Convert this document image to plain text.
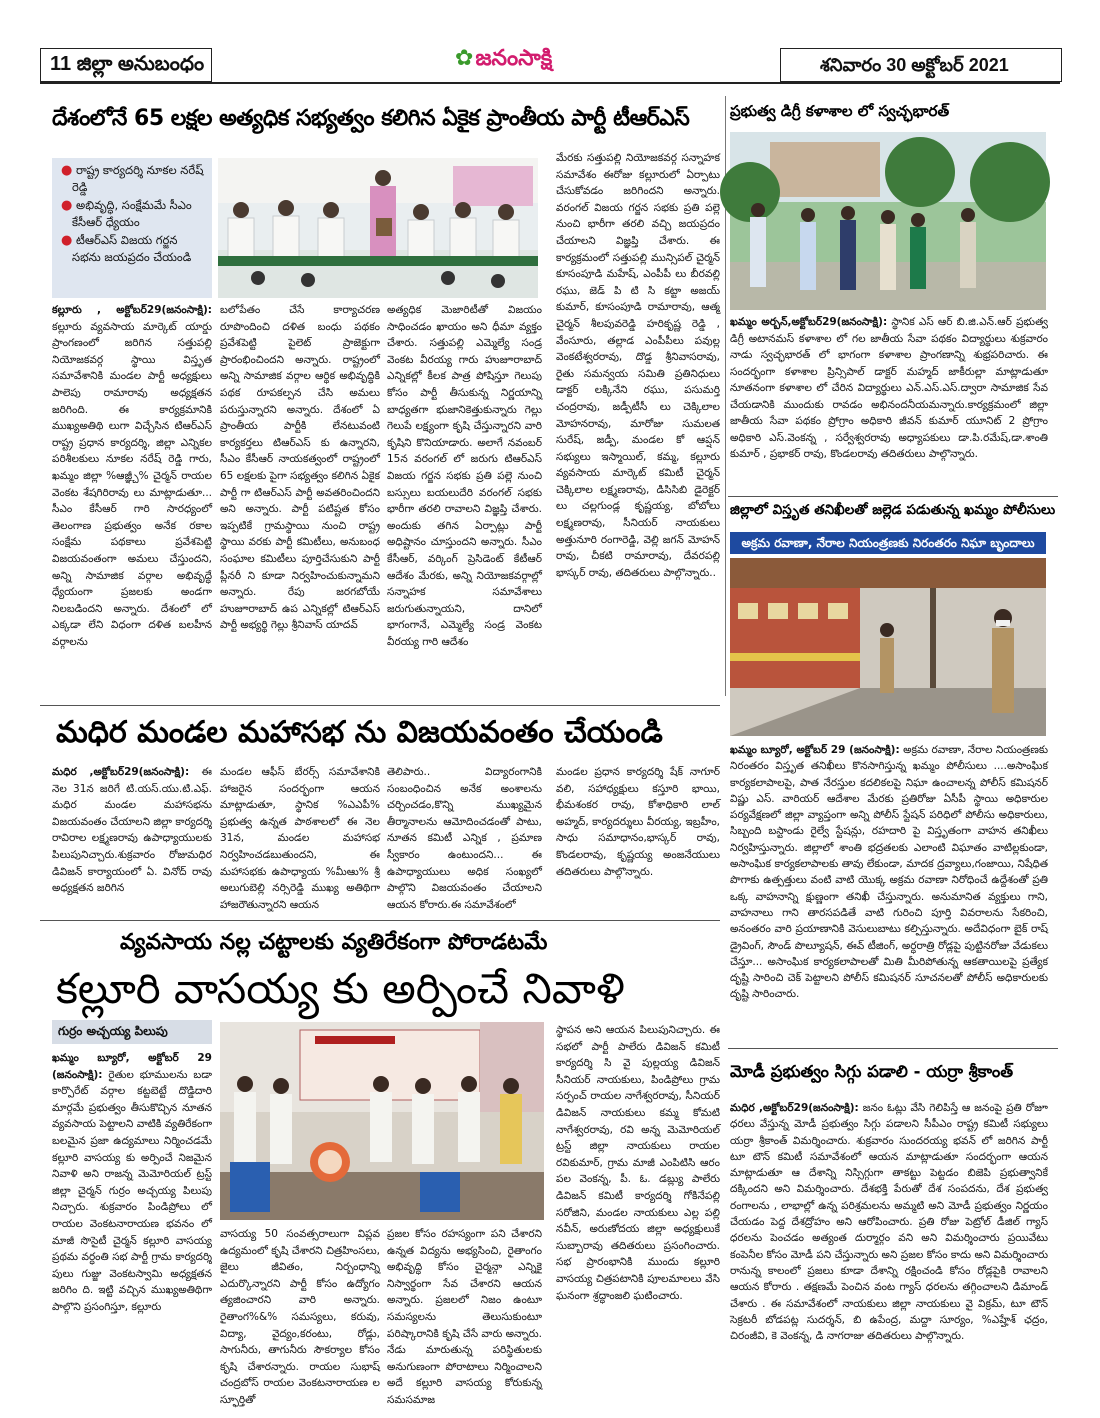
11 జిల్లా అనుబంధం	✿జనంసాక్షి	శనివారం 30 అక్టోబర్ 2021
దేశంలోనే 65 లక్షల అత్యధిక సభ్యత్వం కలిగిన ఏకైక ప్రాంతీయ పార్టీ టీఆర్ఎస్
● రాష్ట్ర కార్యదర్శి నూకల నరేష్ రెడ్డి
● అభివృద్ధి, సంక్షేమమే సీఎం కేసీఆర్ ధ్యేయం
● టీఆర్ఎస్ విజయ గర్జన సభను జయప్రదం చేయండి
కల్లూరు , అక్టోబర్29(జనంసాక్షి): కల్లూరు వ్యవసాయ మార్కెట్ యార్డు ప్రాంగణంలో జరిగిన సత్తుపల్లి నియోజకవర్గ స్థాయి విస్తృత సమావేశానికి మండల పార్టీ అధ్యక్షులు పాలెపు రామారావు అధ్యక్షతన జరిగింది. ఈ కార్యక్రమానికి ముఖ్యఅతిథి లుగా విచ్చేసిన టిఆర్ఎస్ రాష్ట్ర ప్రధాన కార్యదర్శి, జిల్లా ఎన్నికల పరిశీలకులు నూకల నరేష్ రెడ్డి గారు, ఖమ్మం జిల్లా %ఆజ్ఞ్చీ% చైర్మన్ రాయల వెంకట శేషగిరిరావు లు మాట్లాడుతూ... సీఎం కేసీఆర్ గారి సారధ్యంలో తెలంగాణ ప్రభుత్వం అనేక రకాల సంక్షేమ పథకాలు ప్రవేశపెట్టి విజయవంతంగా అమలు చేస్తుందని, అన్ని సామాజిక వర్గాల అభివృద్ధే ధ్యేయంగా ప్రజలకు అండగా నిలబడిందని అన్నారు. దేశంలో లో ఎక్కడా లేని విధంగా దళిత బలహీన వర్గాలను
బలోపేతం చేసే కార్యాచరణ రూపొందించి దళిత బంధు పథకం ప్రవేశపెట్టి పైలెట్ ప్రాజెక్టుగా ప్రారంభించిందని అన్నారు. రాష్ట్రంలో అన్ని సామాజిక వర్గాల ఆర్థిక అభివృద్ధికి పథక రూపకల్పన చేసి అమలు పరుస్తున్నారని అన్నారు. దేశంలో ఏ ప్రాంతీయ పార్టీకి లేనటువంటి కార్యకర్తలు టిఆర్ఎస్ కు ఉన్నారని, సీఎం కేసీఆర్ నాయకత్వంలో రాష్ట్రంలో 65 లక్షలకు పైగా సభ్యత్వం కలిగిన ఏకైక పార్టీ గా టిఆర్ఎస్ పార్టీ అవతరించిందని అని అన్నారు. పార్టీ పటిష్టత కోసం ఇప్పటికే గ్రామస్థాయి నుంచి రాష్ట్ర స్థాయి వరకు పార్టీ కమిటీలు, అనుబంధ సంఘాల కమిటీలు పూర్తిచేసుకుని పార్టీ ప్లీనరీ ని కూడా నిర్వహించుకున్నామని అన్నారు. రేపు జరగబోయే హుజూరాబాద్ ఉప ఎన్నికల్లో టిఆర్ఎస్ పార్టీ అభ్యర్థి గెల్లు శ్రీనివాస్ యాదవ్
అత్యధిక మెజారిటీతో విజయం సాధించడం ఖాయం అని ధీమా వ్యక్తం చేశారు. సత్తుపల్లి ఎమ్మెల్యే సండ్ర వెంకట వీరయ్య గారు హుజూరాబాద్ ఎన్నికల్లో కీలక పాత్ర పోషిస్తూ గెలుపు కోసం పార్టీ తీసుకున్న నిర్ణయాన్ని బాధ్యతగా భుజానికెత్తుకున్నారు గెల్లు గెలుపే లక్ష్యంగా కృషి చేస్తున్నారని వారి కృషిని కొనియాడారు. అలాగే నవంబర్ 15న వరంగల్ లో జరుగు టిఆర్ఎస్ విజయ గర్జన సభకు ప్రతి పల్లె నుంచి బస్సులు బయలుదేరి వరంగల్ సభకు భారీగా తరలి రావాలని విజ్ఞప్తి చేశారు. అందుకు తగిన ఏర్పాట్లు పార్టీ అధిష్టానం చూస్తుందని అన్నారు. సీఎం కేసీఆర్, వర్కింగ్ ప్రెసిడెంట్ కేటీఆర్ ఆదేశం మేరకు, అన్ని నియోజకవర్గాల్లో సన్నాహక సమావేశాలు జరుగుతున్నాయని, దానిలో భాగంగానే, ఎమ్మెల్యే సండ్ర వెంకట వీరయ్య గారి ఆదేశం
మేరకు సత్తుపల్లి నియోజకవర్గ సన్నాహక సమావేశం ఈరోజు కల్లూరులో ఏర్పాటు చేసుకోవడం జరిగిందని అన్నారు. వరంగల్ విజయ గర్జన సభకు ప్రతి పల్లె నుంచి భారీగా తరలి వచ్చి జయప్రదం చేయాలని విజ్ఞప్తి చేశారు. ఈ కార్యక్రమంలో సత్తుపల్లి మున్సిపల్ చైర్మన్ కూసంపూడి మహేష్, ఎంపీపీ లు బీరవల్లి రఘు, జెడ్ పి టి సి కట్టా అజయ్ కుమార్, కూసంపూడి రామారావు, ఆత్మ చైర్మన్ శీలపువరెడ్డి హరికృష్ణ రెడ్డి , వేంసూరు, తల్లాడ ఎంపీపీలు పవుల్ల వెంకటేశ్వరరావు, దొడ్డ శ్రీనివాసరావు, రైతు సమన్వయ సమితి ప్రతినిధులు డాక్టర్ లక్కినేని రఘు, పసుమర్తి చంద్రరావు, జడ్పీటీసీ లు చెక్కిలాల మోహనరావు, మారోజు సుమలత సురేష్, జడ్పీ, మండల కో ఆప్షన్ సభ్యులు ఇస్మాయిల్, కమ్మ, కల్లూరు వ్యవసాయ మార్కెట్ కమిటీ చైర్మన్ చెక్కిలాల లక్ష్మణరావు, డిసిసిబి డైరెక్టర్ లు చల్లగుండ్ల కృష్ణయ్య, బోబోలు లక్ష్మణరావు, సీనియర్ నాయకులు అత్తునూరి రంగారెడ్డి, వెల్లి జగన్ మోహన్ రావు, చీకటి రామారావు, దేవరపల్లి భాస్కర్ రావు, తదితరులు పాల్గొన్నారు..
ప్రభుత్వ డిగ్రీ కళాశాల లో స్వచ్ఛభారత్
ఖమ్మం అర్బన్,అక్టోబర్29(జనంసాక్షి): స్థానిక ఎస్ ఆర్ బి.జి.ఎన్.ఆర్ ప్రభుత్వ డిగ్రీ అటానమస్ కళాశాల లో గల జాతీయ సేవా పథకం విద్యార్థులు శుక్రవారం నాడు స్వచ్ఛభారత్ లో భాగంగా కళాశాల ప్రాంగణాన్ని శుభ్రపరిచారు. ఈ సందర్భంగా కళాశాల ప్రిన్సిపాల్ డాక్టర్ మహ్మద్ జాకీరుల్లా మాట్లాడుతూ నూతనంగా కళాశాల లో చేరిన విద్యార్థులు ఎన్.ఎస్.ఎస్.ద్వారా సామాజిక సేవ చేయడానికి ముందుకు రావడం అభినందనీయమన్నారు.కార్యక్రమంలో జిల్లా జాతీయ సేవా పథకం ప్రోగ్రాం అధికారి జీవన్ కుమార్ యూనిట్ 2 ప్రోగ్రాం అధికారి ఎస్.వెంకన్న , సర్వేశ్వరరావు అధ్యాపకులు డా.పి.రమేష్,డా.శాంతి కుమార్ , ప్రభాకర్ రావు, కొండలరావు తదితరులు పాల్గొన్నారు.
జిల్లాలో విస్తృత తనిఖీలతో జల్లెడ పడుతున్న ఖమ్మం పోలీసులు
అక్రమ రవాణా, నేరాల నియంత్రణకు నిరంతరం నిఘా బృందాలు
ఖమ్మం బ్యూరో, అక్టోబర్ 29 (జనంసాక్షి): అక్రమ రవాణా, నేరాల నియంత్రణకు నిరంతరం విస్తృత తనిఖీలు కొనసాగిస్తున్న ఖమ్మం పోలీసులు ....అసాంఘిక కార్యకలాపాలపై, పాత నేరస్తుల కదలికలపై నిఘా ఉంచాలన్న పోలీస్ కమిషనర్ విష్ణు ఎస్. వారియర్ ఆదేశాల మేరకు ప్రతిరోజు ఏసీపీ స్థాయి అధికారుల పర్యవేక్షణలో జిల్లా వ్యాప్తంగా అన్ని పోలీస్ స్టేషన్ పరిధిలో పోలీసు అధికారులు, సిబ్బంది బస్టాండు రైల్వే స్టేషన్లు, రహదారి పై విస్తృతంగా వాహన తనిఖీలు నిర్వహిస్తున్నారు. జిల్లాలో శాంతి భద్రతలకు ఎలాంటి విఘాతం వాటిల్లకుండా, అసాంఘిక కార్యకలాపాలకు తావు లేకుండా, మాదక ద్రవ్యాలు,గంజాయి, నిషేధిత పొగాకు ఉత్పత్తులు వంటి వాటి యొక్క అక్రమ రవాణా నిరోధించే ఉద్దేశంతో ప్రతి ఒక్క వాహనాన్ని క్షుణ్ణంగా తనిఖీ చేస్తున్నారు. అనుమానిత వ్యక్తులు గాని, వాహనాలు గాని తారసపడితే వాటి గురించి పూర్తి వివరాలను సేకరించి, అనంతరం వారి ప్రయాణానికి వెసులుబాటు కల్పిస్తున్నారు. అదేవిధంగా బైక్ రాష్ డ్రైవింగ్, సౌండ్ పొల్యూషన్, ఈవ్ టీజింగ్, అర్ధరాత్రి రోడ్లపై పుట్టినరోజు వేడుకలు చేస్తూ... అసాంఘిక కార్యకలాపాలతో మితి మీరిపోతున్న ఆకతాయిలపై ప్రత్యేక దృష్టి సారించి చెక్ పెట్టాలని పోలీస్ కమిషనర్ సూచనలతో పోలీస్ అధికారులకు దృష్టి సారించారు.
మధిర మండల మహాసభ ను విజయవంతం చేయండి
మధిర ,అక్టోబర్29(జనంసాక్షి): ఈ నెల 31న జరిగే టి.యస్.యు.టి.ఎఫ్. మధిర మండల మహాసభను విజయవంతం చేయాలని జిల్లా కార్యదర్శి రావిరాల లక్ష్మణరావు ఉపాధ్యాయులకు పిలుపునిచ్చారు.శుక్రవారం రోజుమధిర డివిజన్ కార్యాయంలో ఏ. వినోద్ రావు అధ్యక్షతన జరిగిన
మండల ఆఫీస్ బేరర్స్ సమావేశానికి హాజరైన సందర్భంగా ఆయన మాట్లాడుతూ, స్థానిక %ఎఎపీ% ప్రభుత్వ ఉన్నత పాఠశాలలో ఈ నెల 31న, మండల మహాసభ నిర్వహించడబుతుందని, ఈ మహాసభకు ఉపాధ్యాయ %మీఆు% శ్రీ అలుగుబెల్లి నర్సిరెడ్డి ముఖ్య అతిథిగా హాజరౌతున్నారని ఆయన
తెలిపారు.. విద్యారంగానికి సంబంధించిన అనేక అంశాలను చర్చించడం,కొన్ని ముఖ్యమైన తీర్మానాలను ఆమోదించడంతో పాటు, నూతన కమిటీ ఎన్నిక , ప్రమాణ స్వీకారం ఉంటుందని... ఈ ఉపాధ్యాయులు అధిక సంఖ్యలో పాల్గొని విజయవంతం చేయాలని ఆయన కోరారు.ఈ సమావేశంలో
మండల ప్రధాన కార్యదర్శి షేక్ నాగూర్ వలి, సహాధ్యక్షులు కస్తూరి భాయి, భీమశంకర రావు, కోశాధికారి లాల్ అహ్మద్, కార్యదర్శులు వీరయ్య, ఇబ్రహీం, సాధు సమాధానం,భాస్కర్ రావు, కొండలరావు, కృష్ణయ్య అంజనేయులు తదితరులు పాల్గొన్నారు.
వ్యవసాయ నల్ల చట్టాలకు వ్యతిరేకంగా పోరాడటమే
కల్లూరి వాసయ్య కు అర్పించే నివాళి
గుర్రం అచ్చయ్య పిలుపు
ఖమ్మం బ్యూరో, అక్టోబర్ 29 (జనంసాక్షి): రైతుల భూములను బడా కార్పొరేట్ వర్గాల కట్టబెట్టే దొడ్డిదారి మార్గమే ప్రభుత్వం తీసుకొచ్చిన నూతన వ్యవసాయ పెట్టాలని వాటికి వ్యతిరేకంగా బలమైన ప్రజా ఉద్యమాలు నిర్మించడమే కల్లూరి వాసయ్య కు అర్పించే నిజమైన నివాళి అని రాజన్న మెమోరియల్ ట్రస్ట్ జిల్లా చైర్మన్ గుర్రం అచ్చయ్య పిలుపు నిచ్చారు. శుక్రవారం పిండిప్రోలు లో రాయల వెంకటనారాయణ భవనం లో మాజీ సొసైటీ చైర్మన్ కల్లూరి వాసయ్య ప్రథమ వర్ధంతి సభ పార్టీ గ్రామ కార్యదర్శి పులు గుజ్జు వెంకటస్వామి అధ్యక్షతన జరిగిం ది. ఇట్టి వచ్చిన ముఖ్యఅతిథిగా పాల్గొని ప్రసంగిస్తూ, కల్లూరు
వాసయ్య 50 సంవత్సరాలుగా విప్లవ ఉద్యమంలో కృషి చేశారని చిత్రహింసలు, జైలు జీవితం, నిర్బంధాన్ని ఎదుర్కొన్నారని పార్టీ కోసం ఉద్యోగం త్యజించారని వారి అన్నారు. రైతాంగ%&% సమస్యలు, కరువు, విద్యా, వైద్యం,కరంటు, రోడ్లు, సాగునీరు, తాగునీరు సౌకర్యాల కోసం కృషి చేశారన్నారు. రాయల సుభాష్ చంద్రబోస్ రాయల వెంకటనారాయణ ల స్ఫూర్తితో
ప్రజల కోసం రహస్యంగా పని చేశారని ఉన్నత విద్యను అభ్యసించి, రైతాంగం అభివృద్ధి కోసం చైర్మన్గా ఎన్నికై నిస్వార్థంగా సేవ చేశారని ఆయన అన్నారు. ప్రజలలో నిజం ఉంటూ సమస్యలను తెలుసుకుంటూ పరిష్కారానికి కృషి చేసే వారు అన్నారు. నేడు మారుతున్న పరిస్థితులకు అనుగుణంగా పోరాటాలు నిర్మించాలని అదే కల్లూరి వాసయ్య కోరుకున్న సమసమాజ
స్థాపన అని ఆయన పిలుపునిచ్చారు. ఈ సభలో పార్టీ పాలేరు డివిజన్ కమిటీ కార్యదర్శి సి వై పుల్లయ్య డివిజన్ సీనియర్ నాయకులు, పిండిప్రోలు గ్రామ సర్పంచ్ రాయల నాగేశ్వరరావు, సీనియర్ డివిజన్ నాయకులు కమ్మ కోమటి నాగేశ్వరరావు, రవి అన్న మెమోరియల్ ట్రస్ట్ జిల్లా నాయకులు రాయల రవికుమార్, గ్రామ మాజీ ఎంపిటిసి ఆరం పల వెంకన్న, పీ. ఓ. డబ్ల్యు పాలేరు డివిజన్ కమిటీ కార్యదర్శి గోకినేపల్లి సరోజిని, మండల నాయకులు ఎల్ల పల్లి నవీన్, అరుణోదయ జిల్లా అధ్యక్షులుకే సుబ్బారావు తదితరులు ప్రసంగించారు. సభ ప్రారంభానికి ముందు కల్లూరి వాసయ్య చిత్రపటానికి పూలమాలలు వేసి ఘనంగా శ్రద్ధాంజలి ఘటించారు.
మోడీ ప్రభుత్వం సిగ్గు పడాలి - యర్రా శ్రీకాంత్
మధిర ,అక్టోబర్29(జనంసాక్షి): జనం ఓట్లు వేసి గెలిపిస్తే ఆ జనంపై ప్రతి రోజూ ధరలు వేస్తున్న మోడీ ప్రభుత్వం సిగ్గు పడాలని సీపీఎం రాష్ట్ర కమిటీ సభ్యులు యర్రా శ్రీకాంత్ విమర్శించారు. శుక్రవారం సుందరయ్య భవన్ లో జరిగిన పార్టీ టూ టౌన్ కమిటీ సమావేశంలో ఆయన మాట్లాడుతూ సందర్భంగా ఆయన మాట్లాడుతూ ఆ దేశాన్ని నిస్సిగ్గుగా తాకట్టు పెట్టడం బిజెపి ప్రభుత్వానికే దక్కిందని అని విమర్శించారు. దేశభక్తి పేరుతో దేశ సంపదను, దేశ ప్రభుత్వ రంగాలను , లాభాల్లో ఉన్న పరిశ్రమలను అమ్మటి అని మోడీ ప్రభుత్వం నిర్ణయం చేయడం పెద్ద దేశద్రోహం అని ఆరోపించారు. ప్రతి రోజు పెట్రోల్ డీజిల్ గ్యాస్ ధరలను పెంచడం అత్యంత దుర్మార్గం వని అని విమర్శించారు ప్రయివేటు కంపెనీల కోసం మోడీ పని చేస్తున్నారు అని ప్రజల కోసం కాదు అని విమర్శించారు రానున్న కాలంలో ప్రజలు కూడా దేశాన్ని రక్షించండి కోసం రోడ్లపైకి రావాలని ఆయన కోరారు . తక్షణమే పెంచిన వంట గ్యాస్ ధరలను తగ్గించాలని డిమాండ్ చేశారు . ఈ సమావేశంలో నాయకులు జిల్లా నాయకులు వై విక్రమ్, టూ టౌన్ సెక్రటరీ బోడపట్ల సుదర్శన్, బి ఉపేంద్ర, మద్దా సూర్యం, %ఎహ్హేశ్ ఛద్రం, చిరంజీవి, కె వెంకన్న, డి నాగరాజు తదితరులు పాల్గొన్నారు.
